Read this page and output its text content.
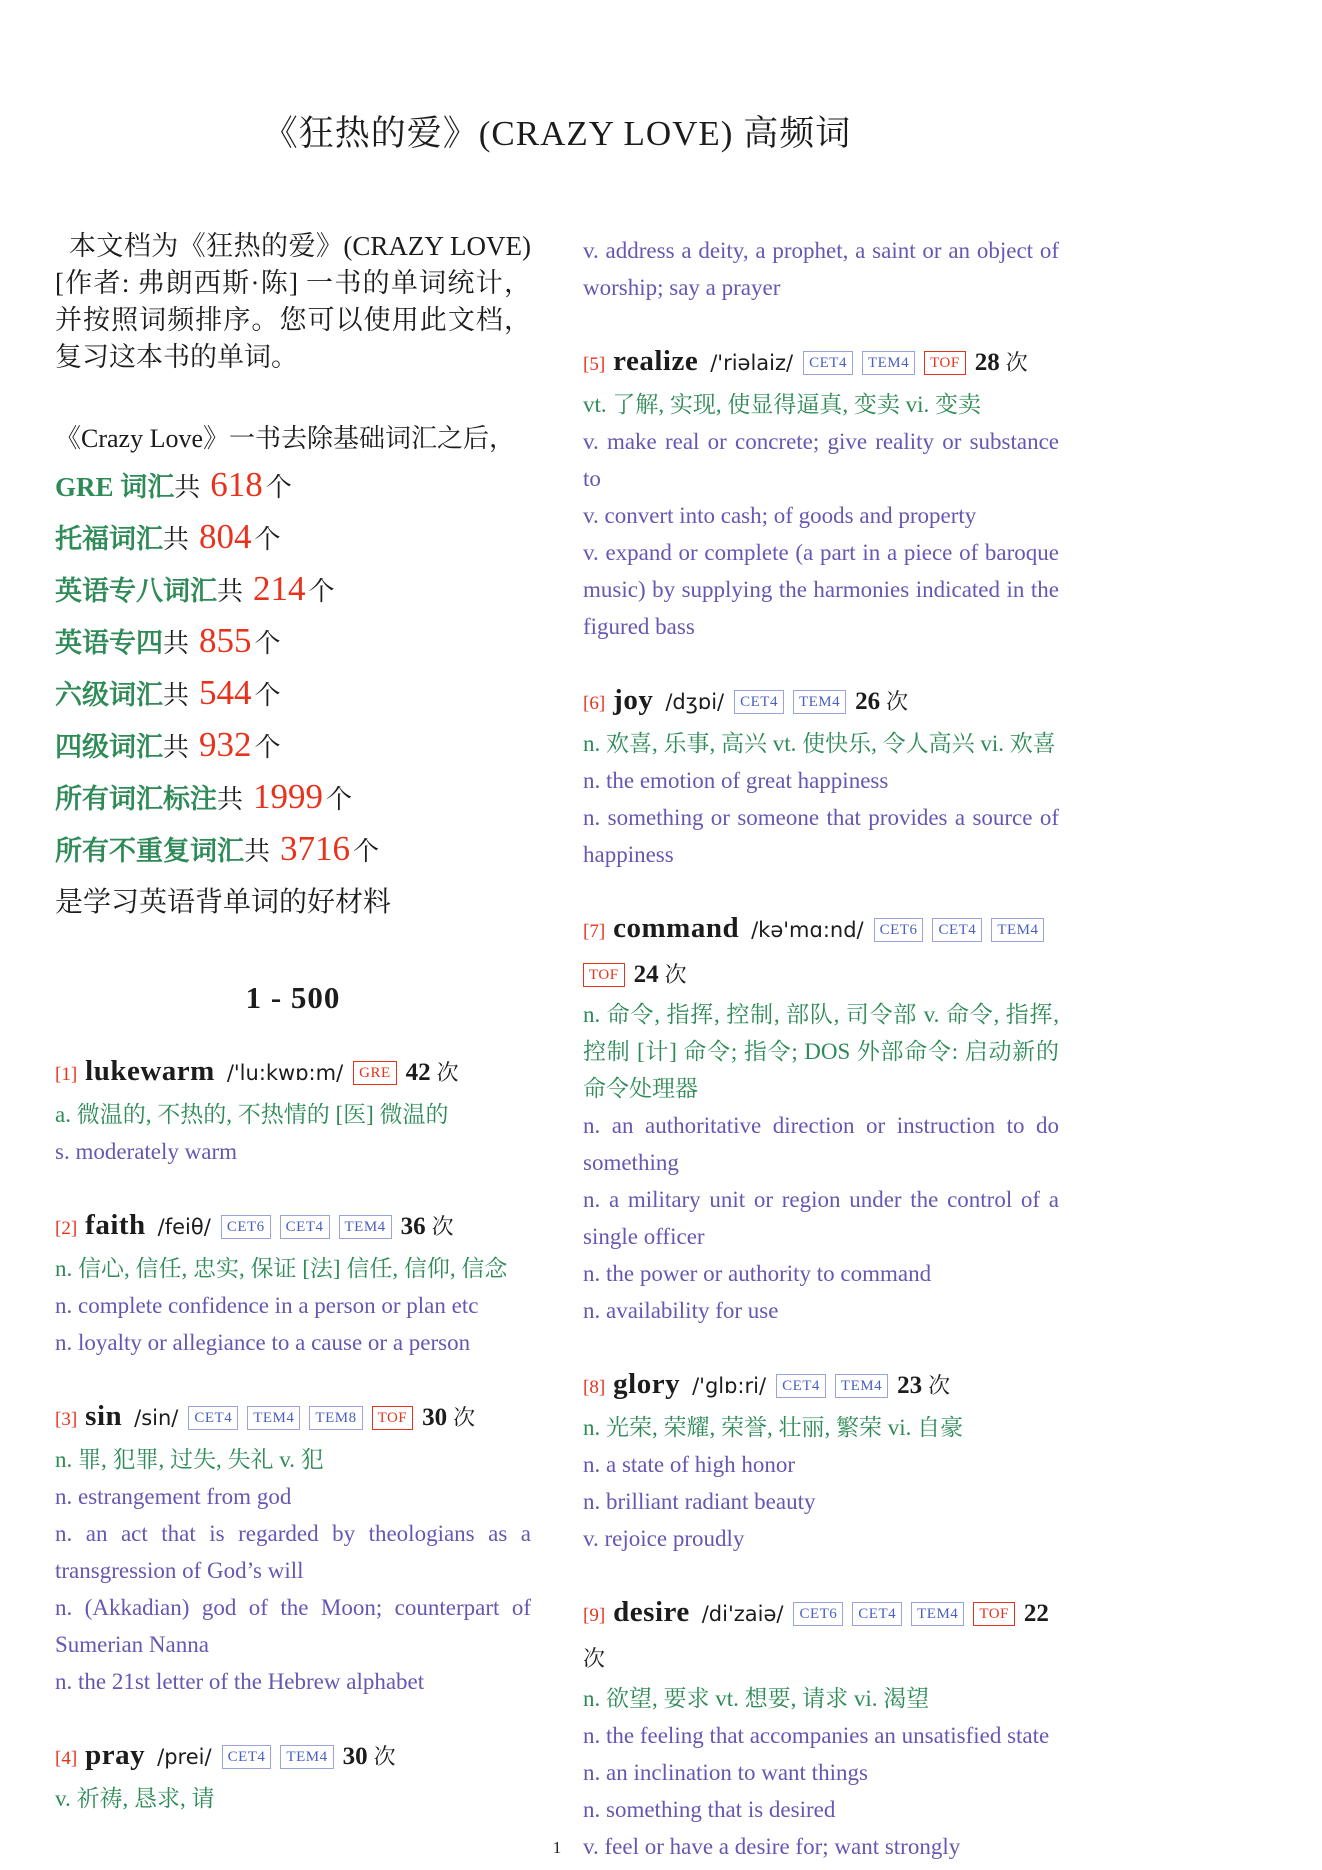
《狂热的爱》(CRAZY LOVE) 高频词

本文档为《狂热的爱》(CRAZY LOVE)[作者: 弗朗西斯·陈] 一书的单词统计，并按照词频排序。您可以使用此文档，复习这本书的单词。

《Crazy Love》一书去除基础词汇之后，

GRE 词汇共 618 个
托福词汇共 804 个
英语专八词汇共 214 个
英语专四共 855 个
六级词汇共 544 个
四级词汇共 932 个
所有词汇标注共 1999 个
所有不重复词汇共 3716 个

是学习英语背单词的好材料

1 - 500
[1] lukewarm /'lu:kwɒ:m/ GRE 42 次

a. 微温的, 不热的, 不热情的 [医] 微温的

s. moderately warm

[2] faith /feiθ/ CET6 CET4 TEM4 36 次

n. 信心, 信任, 忠实, 保证 [法] 信任, 信仰, 信念

n. complete confidence in a person or plan etc

n. loyalty or allegiance to a cause or a person

[3] sin /sin/ CET4 TEM4 TEM8 TOF 30 次

n. 罪, 犯罪, 过失, 失礼 v. 犯

n. estrangement from god

n. an act that is regarded by theologians as a transgression of God’s will

n. (Akkadian) god of the Moon; counterpart of Sumerian Nanna

n. the 21st letter of the Hebrew alphabet

[4] pray /prei/ CET4 TEM4 30 次

v. 祈祷, 恳求, 请

v. address a deity, a prophet, a saint or an object of worship; say a prayer

[5] realize /'riəlaiz/ CET4 TEM4 TOF 28 次

vt. 了解, 实现, 使显得逼真, 变卖 vi. 变卖

v. make real or concrete; give reality or substance to

v. convert into cash; of goods and property

v. expand or complete (a part in a piece of baroque music) by supplying the harmonies indicated in the figured bass

[6] joy /dʒɒi/ CET4 TEM4 26 次

n. 欢喜, 乐事, 高兴 vt. 使快乐, 令人高兴 vi. 欢喜

n. the emotion of great happiness

n. something or someone that provides a source of happiness

[7] command /kə'mɑ:nd/ CET6 CET4 TEM4TOF 24 次

n. 命令, 指挥, 控制, 部队, 司令部 v. 命令, 指挥, 控制 [计] 命令; 指令; DOS 外部命令: 启动新的命令处理器

n. an authoritative direction or instruction to do something

n. a military unit or region under the control of a single officer

n. the power or authority to command

n. availability for use

[8] glory /'glɒ:ri/ CET4 TEM4 23 次

n. 光荣, 荣耀, 荣誉, 壮丽, 繁荣 vi. 自豪

n. a state of high honor

n. brilliant radiant beauty

v. rejoice proudly

[9] desire /di'zaiə/ CET6 CET4 TEM4 TOF 22次

n. 欲望, 要求 vt. 想要, 请求 vi. 渴望

n. the feeling that accompanies an unsatisfied state

n. an inclination to want things

n. something that is desired

v. feel or have a desire for; want strongly

1
